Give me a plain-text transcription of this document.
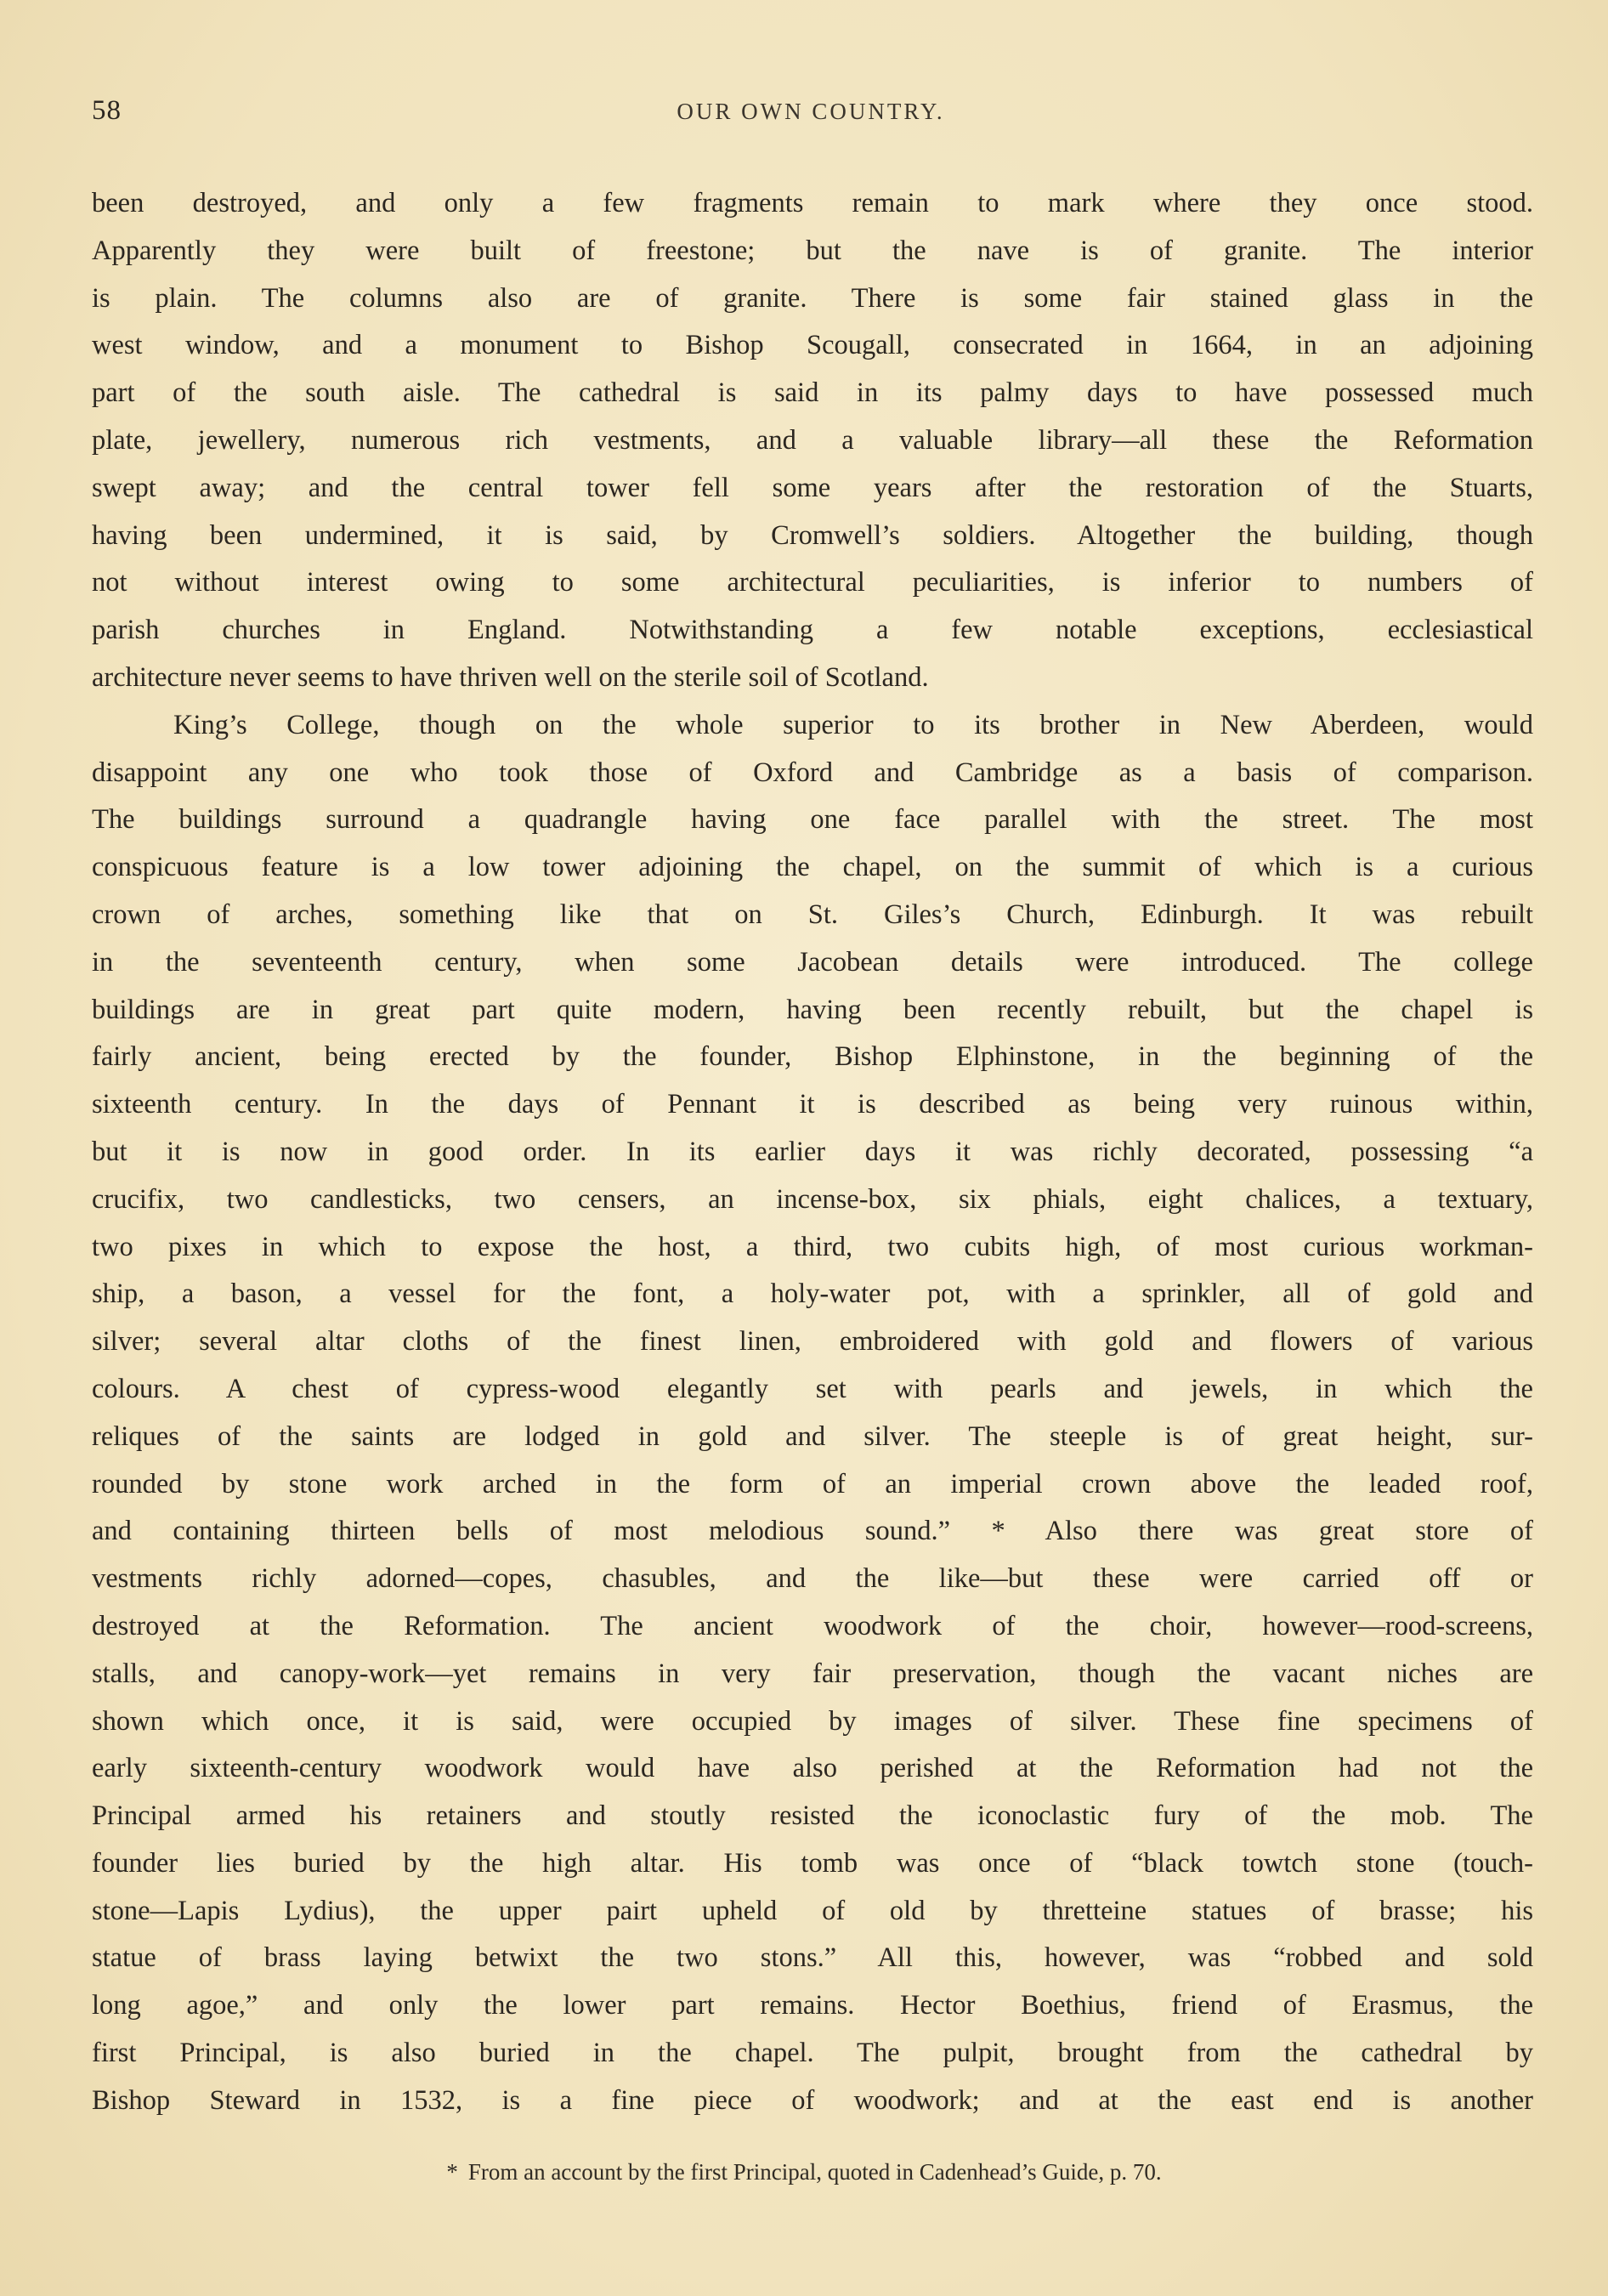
58	OUR OWN COUNTRY.
been destroyed, and only a few fragments remain to mark where they once stood.
Apparently they were built of freestone; but the nave is of granite. The interior
is plain. The columns also are of granite. There is some fair stained glass in the
west window, and a monument to Bishop Scougall, consecrated in 1664, in an adjoining
part of the south aisle. The cathedral is said in its palmy days to have possessed much
plate, jewellery, numerous rich vestments, and a valuable library—all these the Reformation
swept away; and the central tower fell some years after the restoration of the Stuarts,
having been undermined, it is said, by Cromwell’s soldiers. Altogether the building, though
not without interest owing to some architectural peculiarities, is inferior to numbers of
parish churches in England. Notwithstanding a few notable exceptions, ecclesiastical
architecture never seems to have thriven well on the sterile soil of Scotland.
King’s College, though on the whole superior to its brother in New Aberdeen, would
disappoint any one who took those of Oxford and Cambridge as a basis of comparison.
The buildings surround a quadrangle having one face parallel with the street. The most
conspicuous feature is a low tower adjoining the chapel, on the summit of which is a curious
crown of arches, something like that on St. Giles’s Church, Edinburgh. It was rebuilt
in the seventeenth century, when some Jacobean details were introduced. The college
buildings are in great part quite modern, having been recently rebuilt, but the chapel is
fairly ancient, being erected by the founder, Bishop Elphinstone, in the beginning of the
sixteenth century. In the days of Pennant it is described as being very ruinous within,
but it is now in good order. In its earlier days it was richly decorated, possessing “a
crucifix, two candlesticks, two censers, an incense-box, six phials, eight chalices, a textuary,
two pixes in which to expose the host, a third, two cubits high, of most curious workman-
ship, a bason, a vessel for the font, a holy-water pot, with a sprinkler, all of gold and
silver; several altar cloths of the finest linen, embroidered with gold and flowers of various
colours. A chest of cypress-wood elegantly set with pearls and jewels, in which the
reliques of the saints are lodged in gold and silver. The steeple is of great height, sur-
rounded by stone work arched in the form of an imperial crown above the leaded roof,
and containing thirteen bells of most melodious sound.” * Also there was great store of
vestments richly adorned—copes, chasubles, and the like—but these were carried off or
destroyed at the Reformation. The ancient woodwork of the choir, however—rood-screens,
stalls, and canopy-work—yet remains in very fair preservation, though the vacant niches are
shown which once, it is said, were occupied by images of silver. These fine specimens of
early sixteenth-century woodwork would have also perished at the Reformation had not the
Principal armed his retainers and stoutly resisted the iconoclastic fury of the mob. The
founder lies buried by the high altar. His tomb was once of “black towtch stone (touch-
stone—Lapis Lydius), the upper pairt upheld of old by thretteine statues of brasse; his
statue of brass laying betwixt the two stons.” All this, however, was “robbed and sold
long agoe,” and only the lower part remains. Hector Boethius, friend of Erasmus, the
first Principal, is also buried in the chapel. The pulpit, brought from the cathedral by
Bishop Steward in 1532, is a fine piece of woodwork; and at the east end is another
* From an account by the first Principal, quoted in Cadenhead’s Guide, p. 70.
